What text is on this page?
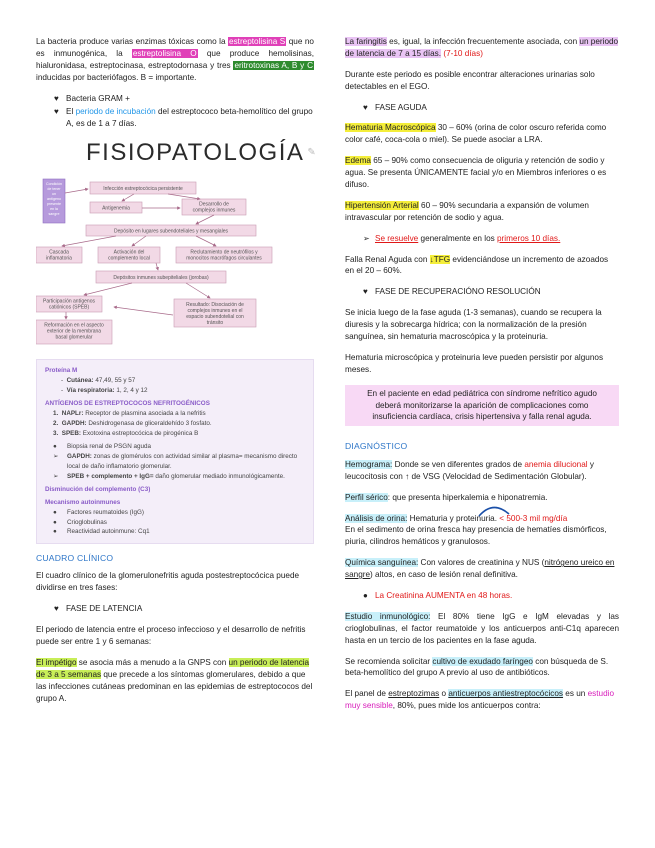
La bacteria produce varias enzimas tóxicas como la estreptolisina S que no es inmunogénica, la estreptolisina O que produce hemolisinas, hialuronidasa, estreptocinasa, estreptodornasa y tres eritrotoxinas A, B y C inducidas por bacteriófagos. B = importante.

♥ Bacteria GRAM +
♥ El periodo de incubación del estreptococo beta-hemolítico del grupo A, es de 1 a 7 días.
FISIOPATOLOGÍA ✎
Condición de tener un antígeno presente en la sangre
Infección estreptocócica persistente
Antigenemia
Desarrollo de complejos inmunes
Depósito en lugares subendoteliales y mesangiales
Cascada inflamatoria
Activación del complemento local
Reclutamiento de neutrófilos y monocitos macrófagos circulantes
Depósitos inmunes subepiteliales (jorobas)
Participación antígenos catiónicos (SPEB)
Reformación en el aspecto exterior de la membrana basal glomerular
Resultado: Disociación de complejos inmunes en el espacio subendotelial con tránsito
Proteína M
-  Cutánea: 47,49, 55 y 57
-  Vía respiratoria: 1, 2, 4 y 12
ANTÍGENOS DE ESTREPTOCOCOS NEFRITOGÉNICOS
1. NAPLr: Receptor de plasmina asociada a la nefritis
2. GAPDH: Deshidrogenasa de gliceraldehído 3 fosfato.
3. SPEB: Exotoxina estreptocócica de pirogénica B
●	Biopsia renal de PSGN aguda
➢	GAPDH: zonas de glomérulos con actividad similar al plasma= mecanismo directo local de daño inflamatorio glomerular.
➢	SPEB + complemento + IgG= daño glomerular mediado inmunológicamente.
Disminución del complemento (C3)
Mecanismo autoinmunes
●	Factores reumatoides (IgG)
●	Crioglobulinas
●	Reactividad autoinmune: Cq1
CUADRO CLÍNICO

El cuadro clínico de la glomerulonefritis aguda postestreptocócica puede dividirse en tres fases:

♥ FASE DE LATENCIA

El periodo de latencia entre el proceso infeccioso y el desarrollo de nefritis puede ser entre 1 y 6 semanas:

El impétigo se asocia más a menudo a la GNPS con un periodo de latencia de 3 a 5 semanas que precede a los síntomas glomerulares, debido a que las infecciones cutáneas predominan en las epidemias de estreptococos del grupo A.

La faringitis es, igual, la infección frecuentemente asociada, con un periodo de latencia de 7 a 15 días. (7-10 días)

Durante este periodo es posible encontrar alteraciones urinarias solo detectables en el EGO.

♥ FASE AGUDA

Hematuria Macroscópica 30 – 60% (orina de color oscuro referida como color café, coca-cola o miel). Se puede asociar a LRA.

Edema 65 – 90% como consecuencia de oliguria y retención de sodio y agua. Se presenta ÚNICAMENTE facial y/o en Miembros inferiores o es difuso.

Hipertensión Arterial 60 – 90% secundaria a expansión de volumen intravascular por retención de sodio y agua.

➢ Se resuelve generalmente en los primeros 10 días.

Falla Renal Aguda con ↓TFG evidenciándose un incremento de azoados en el 20 – 60%.

♥ FASE DE RECUPERACIÓNO RESOLUCIÓN

Se inicia luego de la fase aguda (1-3 semanas), cuando se recupera la diuresis y la sobrecarga hídrica; con la normalización de la presión sanguínea, sin hematuria macroscópica y la proteinuria.

Hematuria microscópica y proteinuria leve pueden persistir por algunos meses.

En el paciente en edad pediátrica con síndrome nefrítico agudo deberá monitorizarse la aparición de complicaciones como insuficiencia cardíaca, crisis hipertensiva y falla renal aguda.
DIAGNÓSTICO

Hemograma: Donde se ven diferentes grados de anemia dilucional y leucocitosis con ↑ de VSG (Velocidad de Sedimentación Globular).

Perfil sérico: que presenta hiperkalemia e hiponatremia.

Análisis de orina: Hematuria y proteinuria. < 500-3 mil mg/día
En el sedimento de orina fresca hay presencia de hematíes dismórficos, piuria, cilindros hemáticos y granulosos.

Química sanguínea: Con valores de creatinina y NUS (nitrógeno ureico en sangre) altos, en caso de lesión renal definitiva.

● La Creatinina AUMENTA en 48 horas.

Estudio inmunológico: El 80% tiene IgG e IgM elevadas y las crioglobulinas, el factor reumatoide y los anticuerpos anti-C1q aparecen hasta en un tercio de los pacientes en la fase aguda.

Se recomienda solicitar cultivo de exudado faríngeo con búsqueda de S. beta-hemolítico del grupo A previo al uso de antibióticos.

El panel de estreptozimas o anticuerpos antiestreptocócicos es un estudio muy sensible, 80%, pues mide los anticuerpos contra:
